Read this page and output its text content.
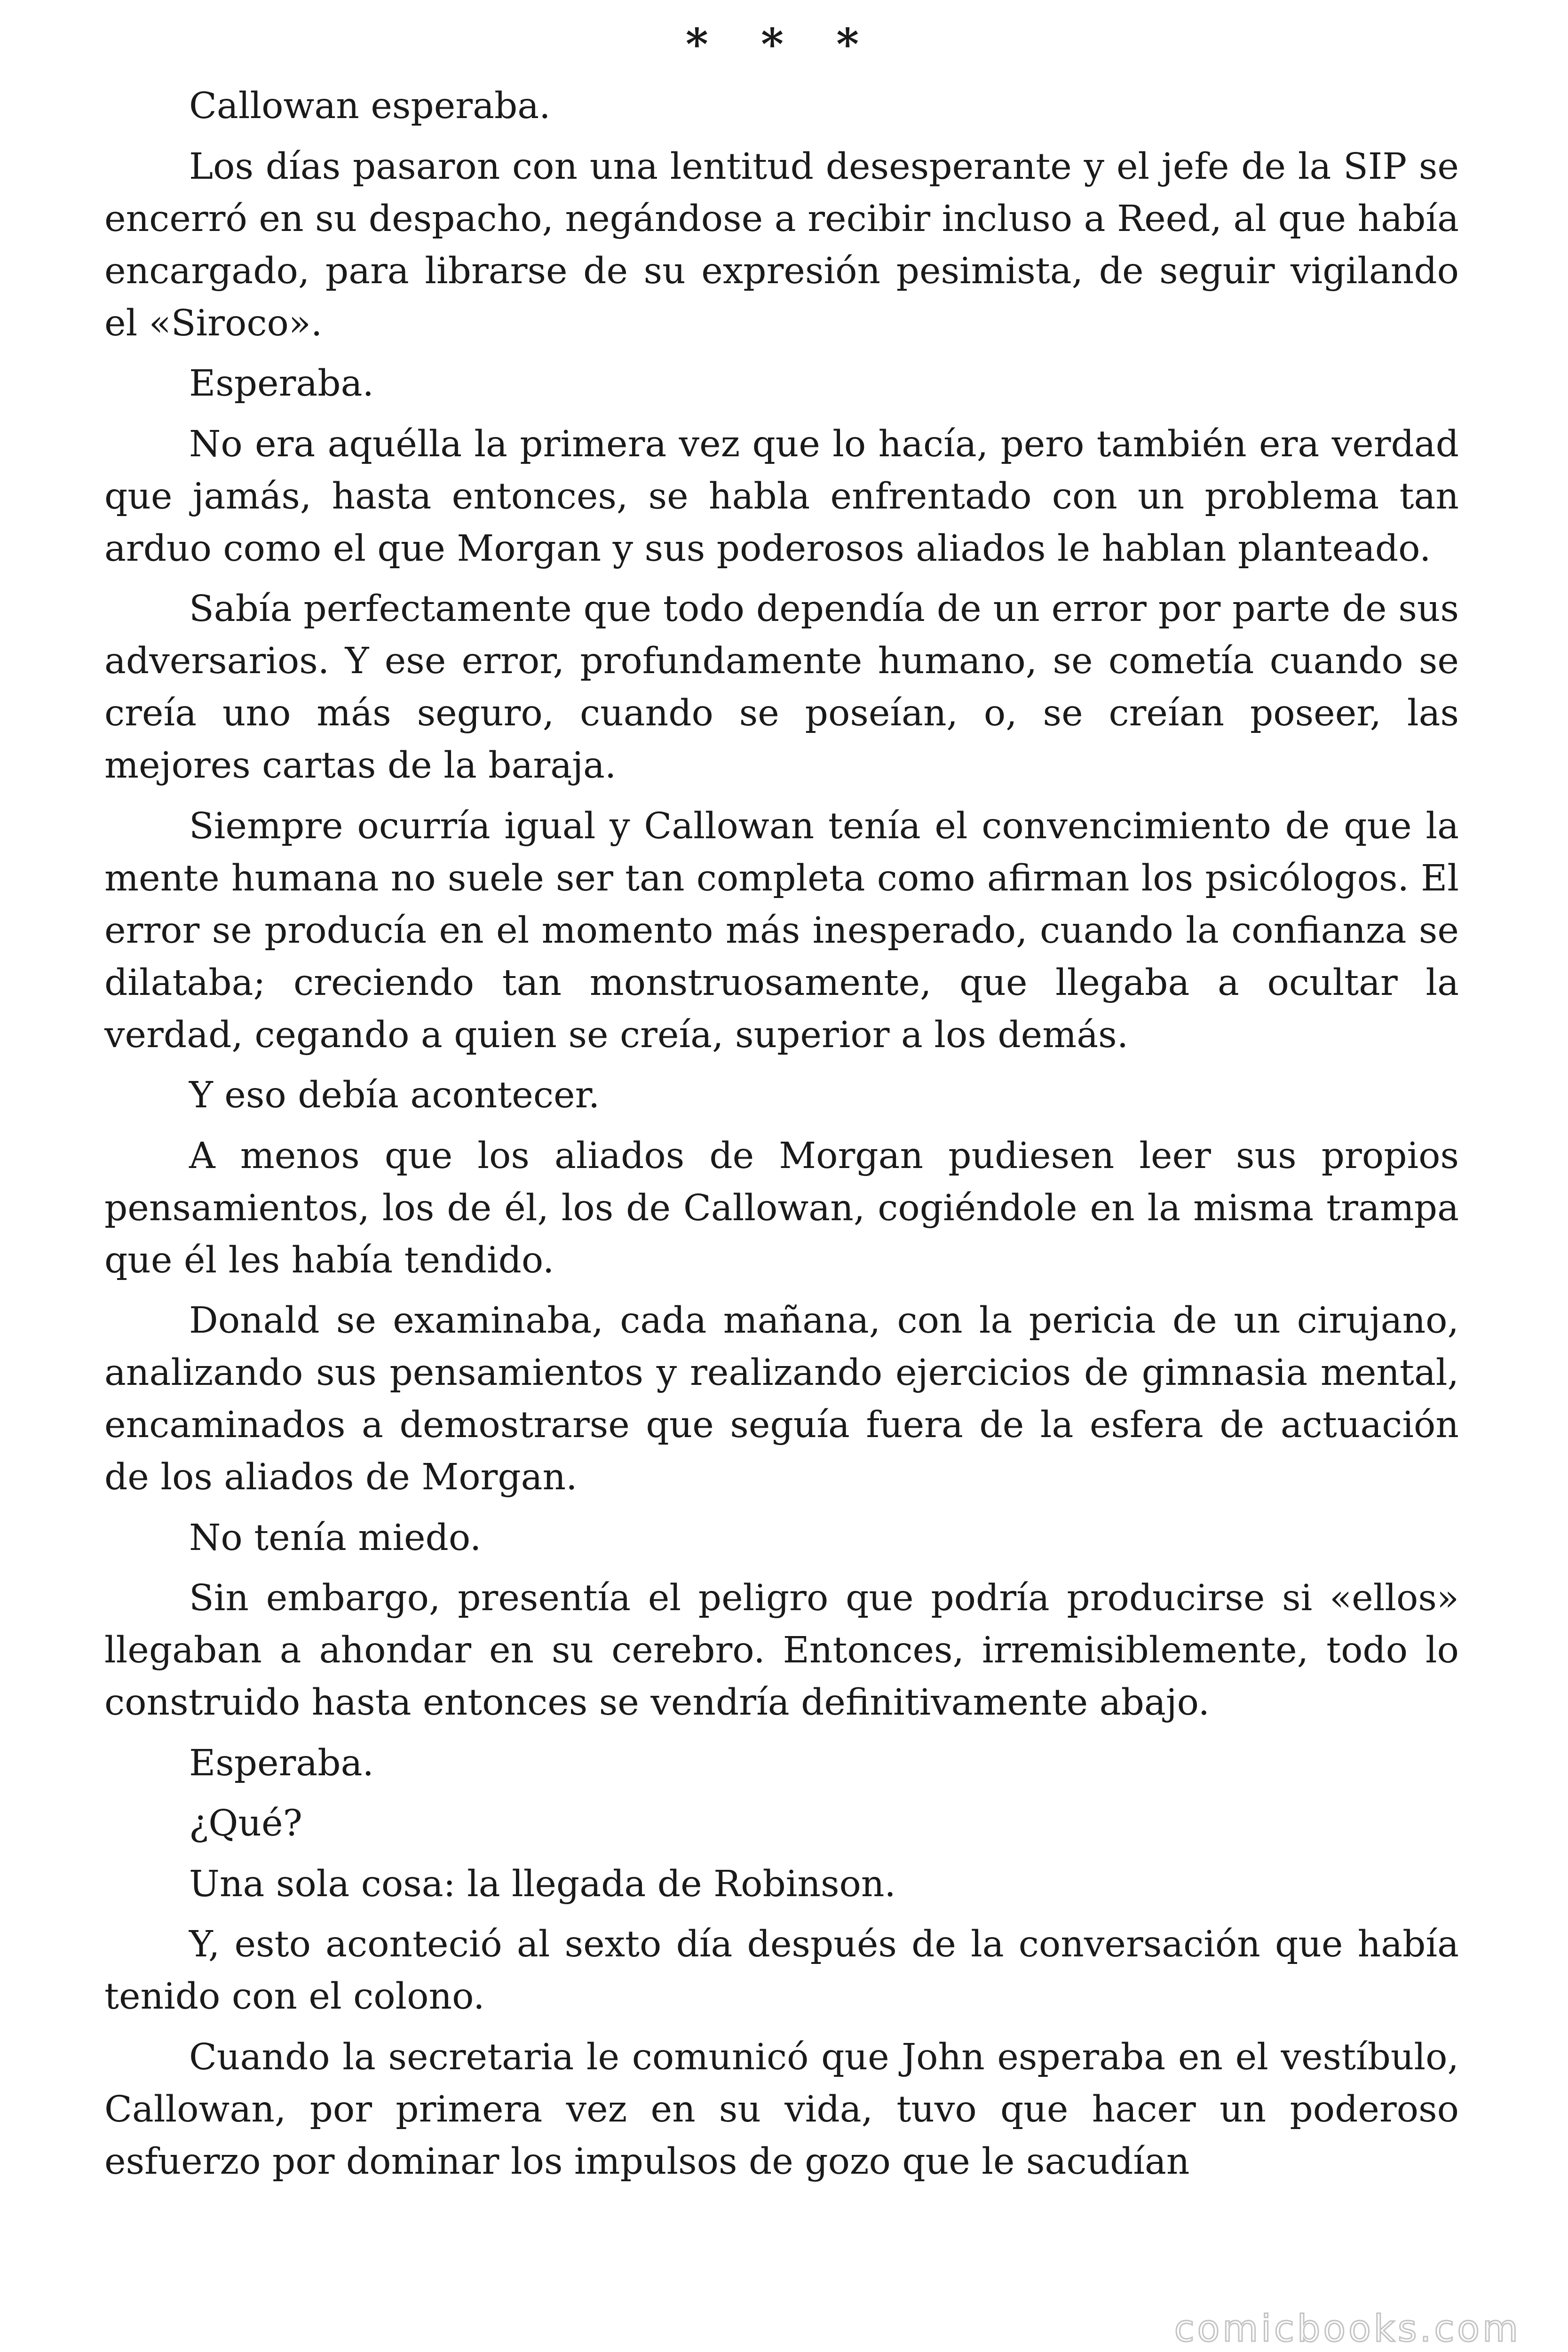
* * *

Callowan esperaba.

Los días pasaron con una lentitud desesperante y el jefe de la SIP se encerró en su despacho, negándose a recibir incluso a Reed, al que había encargado, para librarse de su expresión pesimista, de seguir vigilando el «Siroco».

Esperaba.

No era aquélla la primera vez que lo hacía, pero también era verdad que jamás, hasta entonces, se habla enfrentado con un problema tan arduo como el que Morgan y sus poderosos aliados le hablan planteado.

Sabía perfectamente que todo dependía de un error por parte de sus adversarios. Y ese error, profundamente humano, se cometía cuando se creía uno más seguro, cuando se poseían, o, se creían poseer, las mejores cartas de la baraja.

Siempre ocurría igual y Callowan tenía el convencimiento de que la mente humana no suele ser tan completa como afirman los psicólogos. El error se producía en el momento más inesperado, cuando la confianza se dilataba; creciendo tan monstruosamente, que llegaba a ocultar la verdad, cegando a quien se creía, superior a los demás.

Y eso debía acontecer.

A menos que los aliados de Morgan pudiesen leer sus propios pensamientos, los de él, los de Callowan, cogiéndole en la misma trampa que él les había tendido.

Donald se examinaba, cada mañana, con la pericia de un cirujano, analizando sus pensamientos y realizando ejercicios de gimnasia mental, encaminados a demostrarse que seguía fuera de la esfera de actuación de los aliados de Morgan.

No tenía miedo.

Sin embargo, presentía el peligro que podría producirse si «ellos» llegaban a ahondar en su cerebro. Entonces, irremisiblemente, todo lo construido hasta entonces se vendría definitivamente abajo.

Esperaba.

¿Qué?

Una sola cosa: la llegada de Robinson.

Y, esto aconteció al sexto día después de la conversación que había tenido con el colono.

Cuando la secretaria le comunicó que John esperaba en el vestíbulo, Callowan, por primera vez en su vida, tuvo que hacer un poderoso esfuerzo por dominar los impulsos de gozo que le sacudían

comicbooks.com
